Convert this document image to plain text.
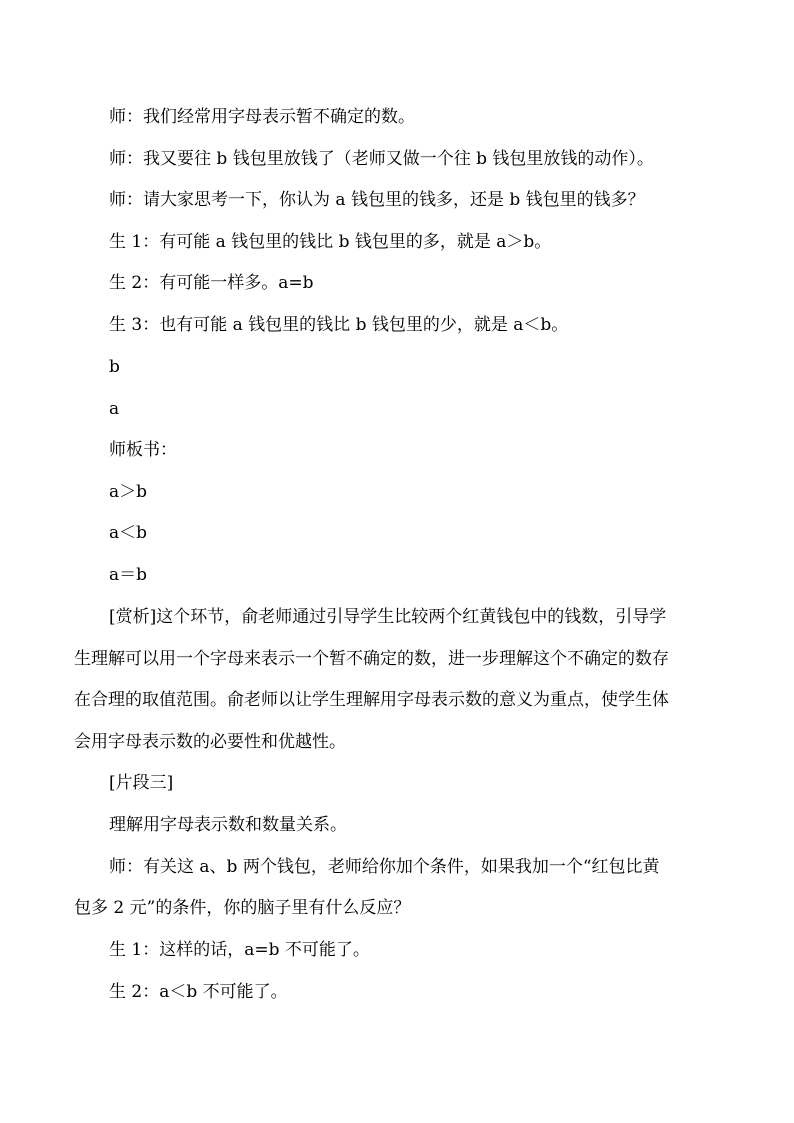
师：我们经常用字母表示暂不确定的数。
师：我又要往 b 钱包里放钱了（老师又做一个往 b 钱包里放钱的动作）。
师：请大家思考一下，你认为 a 钱包里的钱多，还是 b 钱包里的钱多？
生 1：有可能 a 钱包里的钱比 b 钱包里的多，就是 a＞b。
生 2：有可能一样多。a=b
生 3：也有可能 a 钱包里的钱比 b 钱包里的少，就是 a＜b。
b
a
师板书：
a＞b
a＜b
a＝b
[赏析]这个环节，俞老师通过引导学生比较两个红黄钱包中的钱数，引导学
生理解可以用一个字母来表示一个暂不确定的数，进一步理解这个不确定的数存
在合理的取值范围。俞老师以让学生理解用字母表示数的意义为重点，使学生体
会用字母表示数的必要性和优越性。
[片段三]
理解用字母表示数和数量关系。
师：有关这 a、b 两个钱包，老师给你加个条件，如果我加一个“红包比黄
包多 2 元”的条件，你的脑子里有什么反应？
生 1：这样的话，a=b 不可能了。
生 2：a＜b 不可能了。
